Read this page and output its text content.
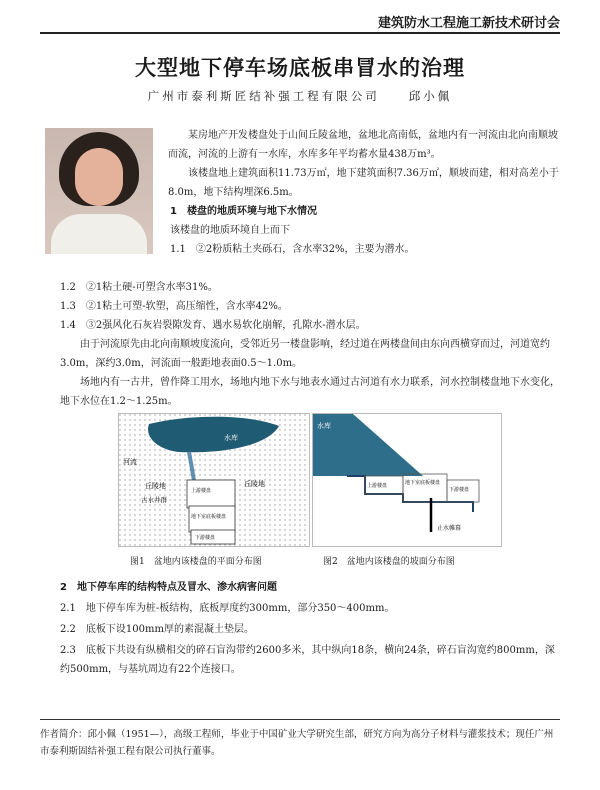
建筑防水工程施工新技术研讨会
大型地下停车场底板串冒水的治理
广州市泰利斯匠结补强工程有限公司　　邱小佩

某房地产开发楼盘处于山间丘陵盆地，盆地北高南低，盆地内有一河流由北向南顺坡而流，河流的上游有一水库，水库多年平均蓄水量438万m³。

该楼盘地上建筑面积11.73万㎡，地下建筑面积7.36万㎡，顺坡而建，相对高差小于8.0m，地下结构埋深6.5m。

1　楼盘的地质环境与地下水情况

该楼盘的地质环境自上而下

1.1　②2粉质粘土夹砾石，含水率32%，主要为潜水。

1.2　②1粘土硬-可塑含水率31%。

1.3　②1粘土可塑-软塑，高压缩性，含水率42%。

1.4　③2强风化石灰岩裂隙发育、遇水易软化崩解，孔隙水-潜水层。

由于河流原先由北向南顺坡度流向，受邻近另一楼盘影响，经过道在两楼盘间由东向西横穿而过，河道宽约3.0m，深约3.0m，河流面一般距地表面0.5～1.0m。

场地内有一古井，曾作降工用水，场地内地下水与地表水通过古河道有水力联系，河水控制楼盘地下水变化，地下水位在1.2～1.25m。

水库
河流
丘陵地	丘陵地
古水井群
上游楼盘
地下室底板楼盘
下游楼盘
图1　盆地内该楼盘的平面分布图
水库
上游楼盘	地下室底板楼盘
下游楼盘
止水帷幕
图2　盆地内该楼盘的坡面分布图

2　地下停车库的结构特点及冒水、渗水病害问题

2.1　地下停车库为桩-板结构，底板厚度约300mm，部分350～400mm。

2.2　底板下设100mm厚的素混凝土垫层。

2.3　底板下共设有纵横相交的碎石盲沟带约2600多米，其中纵向18条，横向24条，碎石盲沟宽约800mm，深约500mm，与基坑周边有22个连接口。

作者简介：邱小佩（1951—），高级工程师，毕业于中国矿业大学研究生部，研究方向为高分子材料与灌浆技术；现任广州市泰利斯固结补强工程有限公司执行董事。
